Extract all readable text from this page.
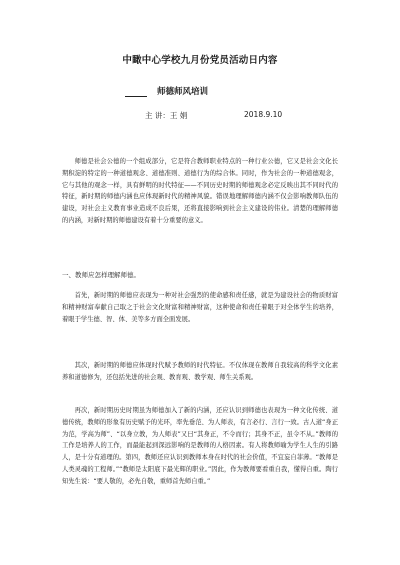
中瞰中心学校九月份党员活动日内容
师德师风培训
主 讲：王 娟	2018.9.10

师德是社会公德的一个组成部分，它是符合教师职业特点的一种行业公德，它又是社会文化长期积淀的特定的一种道德观念、道德准则、道德行为的综合体。同时，作为社会的一种道德观念，它与其他的观念一样，具有鲜明的时代特征——不同历史时期的师德观念必定反映出其不同时代的特征，新时期的师德内涵也应体现新时代的精神风貌。错误地理解师德内涵不仅会影响教师队伍的建设，对社会主义教育事业造成不良后果，还将直接影响到社会主义建设的伟业。清楚的理解师德的内涵，对新时期的师德建设有着十分重要的意义。

一、教师应怎样理解师德。

首先，新时期的师德应表现为一种对社会强烈的使命感和责任感，就是为建设社会的物质财富和精神财富奉献自己取之于社会文化财富和精神财富，这种使命和责任着眼于对全体学生的培养，着眼于学生德、智、体、美等多方面全面发展。

其次，新时期的师德应体现时代赋予教师的时代特征。不仅体现在教师自我较高的科学文化素养和道德修为，还包括先进的社会观、教育观、教学观、师生关系观。

再次，新时期历史时期虽为师德加入了新的内涵，还应认识到师德也表现为一种文化传统、道德传统，教师的形象有历史赋予的光环，率先垂范、为人师表，有言必行、言行一致。古人道“身正为范，学高为师”、“以身立教，为人师表”又曰“其身正，不令而行；其身不正，虽令不从。”教师的工作是培养人的工作，而最能起到深远影响的是教师的人格因素。有人将教师喻为学生人生的引路人，是十分有道理的。第四，教师还应认识到教师本身在时代的社会价值，不宜妄自菲薄。“教师是人类灵魂的工程师。”“教师是太阳底下最光辉的职业。”因此，作为教师要看重自我，懂得自重。陶行知先生说：“要人敬的，必先自敬，重师首先师自重。”
